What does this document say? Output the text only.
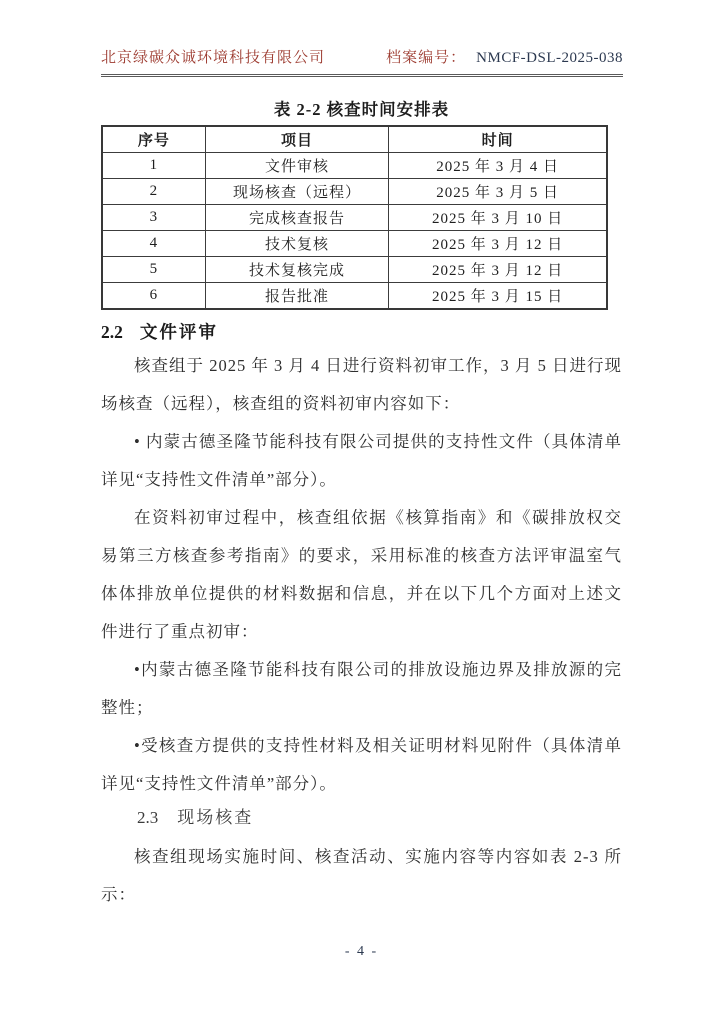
北京绿碳众诚环境科技有限公司	档案编号： NMCF-DSL-2025-038
表 2-2 核查时间安排表
序号	项目	时间
1	文件审核	2025 年 3 月 4 日
2	现场核查（远程）	2025 年 3 月 5 日
3	完成核查报告	2025 年 3 月 10 日
4	技术复核	2025 年 3 月 12 日
5	技术复核完成	2025 年 3 月 12 日
6	报告批准	2025 年 3 月 15 日
2.2 文件评审

核查组于 2025 年 3 月 4 日进行资料初审工作，3 月 5 日进行现场核查（远程），核查组的资料初审内容如下：

• 内蒙古德圣隆节能科技有限公司提供的支持性文件（具体清单详见“支持性文件清单”部分）。

在资料初审过程中，核查组依据《核算指南》和《碳排放权交易第三方核查参考指南》的要求，采用标准的核查方法评审温室气体体排放单位提供的材料数据和信息，并在以下几个方面对上述文件进行了重点初审：

•内蒙古德圣隆节能科技有限公司的排放设施边界及排放源的完整性；

•受核查方提供的支持性材料及相关证明材料见附件（具体清单详见“支持性文件清单”部分）。

2.3 现场核查

核查组现场实施时间、核查活动、实施内容等内容如表 2-3 所示：

- 4 -
